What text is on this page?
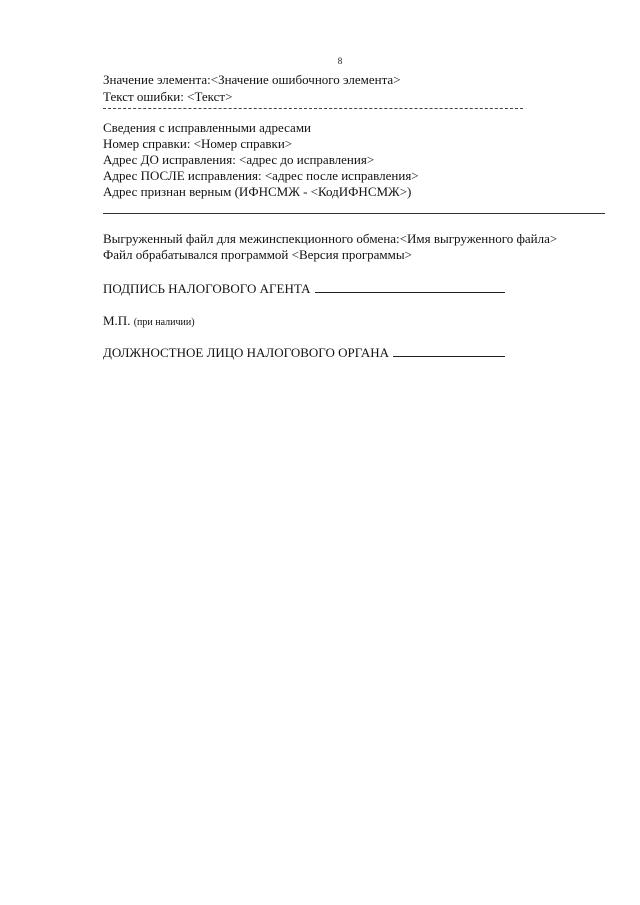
8
Значение элемента:<Значение ошибочного элемента>
Текст ошибки: <Текст>
Сведения с исправленными адресами
Номер справки: <Номер справки>
Адрес ДО исправления: <адрес до исправления>
Адрес ПОСЛЕ исправления: <адрес после исправления>
Адрес признан верным (ИФНСМЖ - <КодИФНСМЖ>)
Выгруженный файл для межинспекционного обмена:<Имя выгруженного файла>
Файл обрабатывался программой <Версия программы>
ПОДПИСЬ НАЛОГОВОГО АГЕНТА
М.П. (при наличии)
ДОЛЖНОСТНОЕ ЛИЦО НАЛОГОВОГО ОРГАНА
